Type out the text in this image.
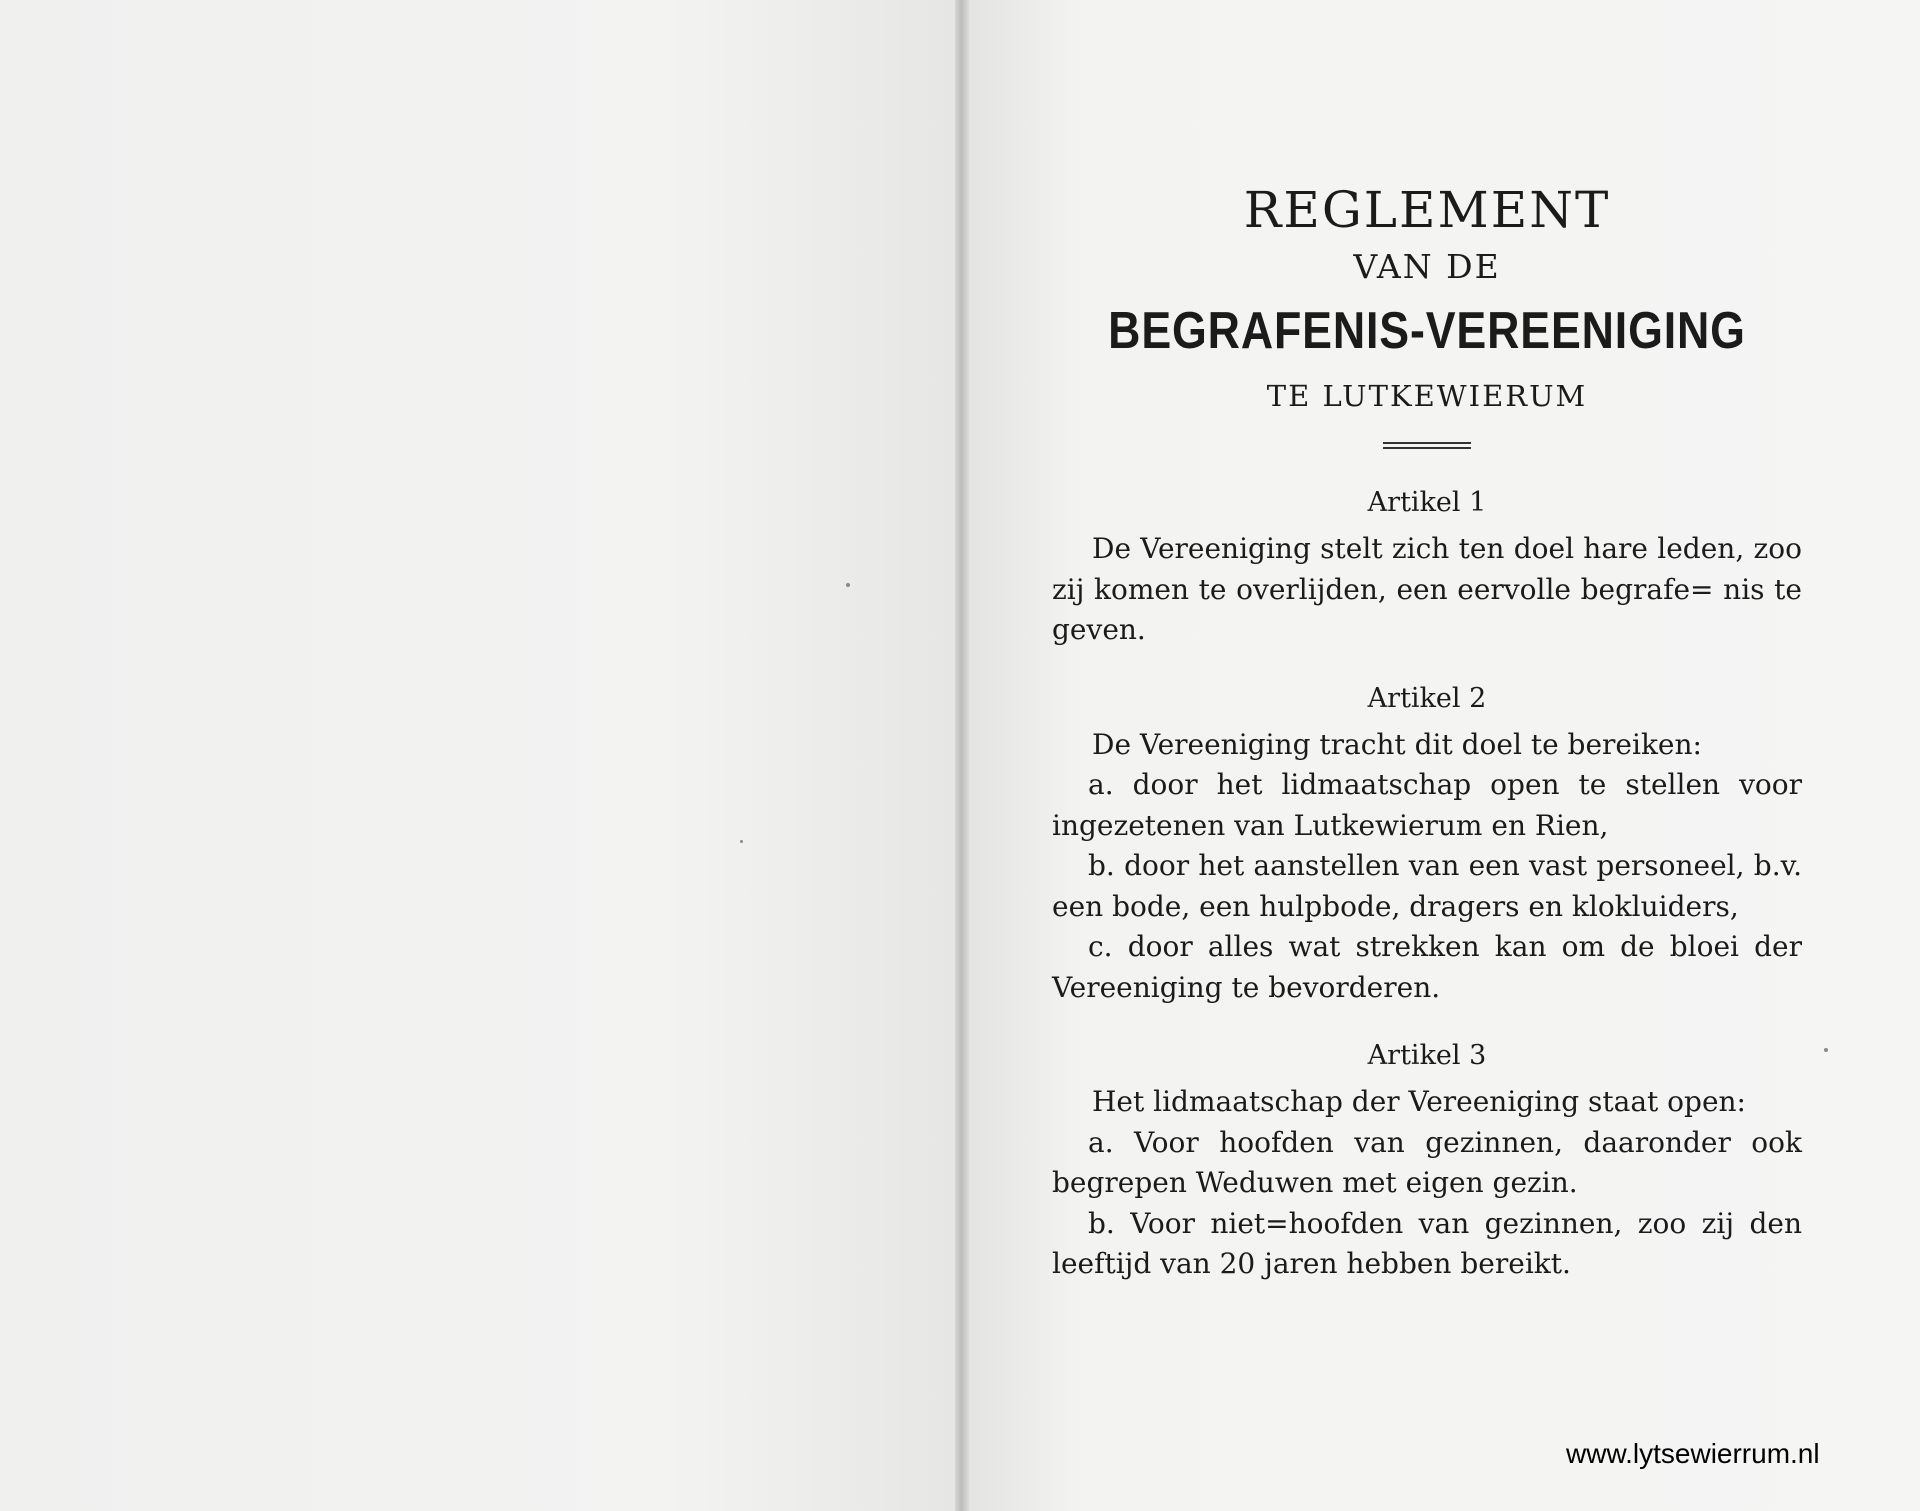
REGLEMENT
VAN DE
BEGRAFENIS-VEREENIGING
TE LUTKEWIERUM
Artikel 1

De Vereeniging stelt zich ten doel hare leden, zoo zij komen te overlijden, een eervolle begrafe= nis te geven.

Artikel 2

De Vereeniging tracht dit doel te bereiken:

a. door het lidmaatschap open te stellen voor ingezetenen van Lutkewierum en Rien,

b. door het aanstellen van een vast personeel, b.v. een bode, een hulpbode, dragers en klokluiders,

c. door alles wat strekken kan om de bloei der Vereeniging te bevorderen.

Artikel 3

Het lidmaatschap der Vereeniging staat open:

a. Voor hoofden van gezinnen, daaronder ook begrepen Weduwen met eigen gezin.

b. Voor niet=hoofden van gezinnen, zoo zij den leeftijd van 20 jaren hebben bereikt.

www.lytsewierrum.nl
